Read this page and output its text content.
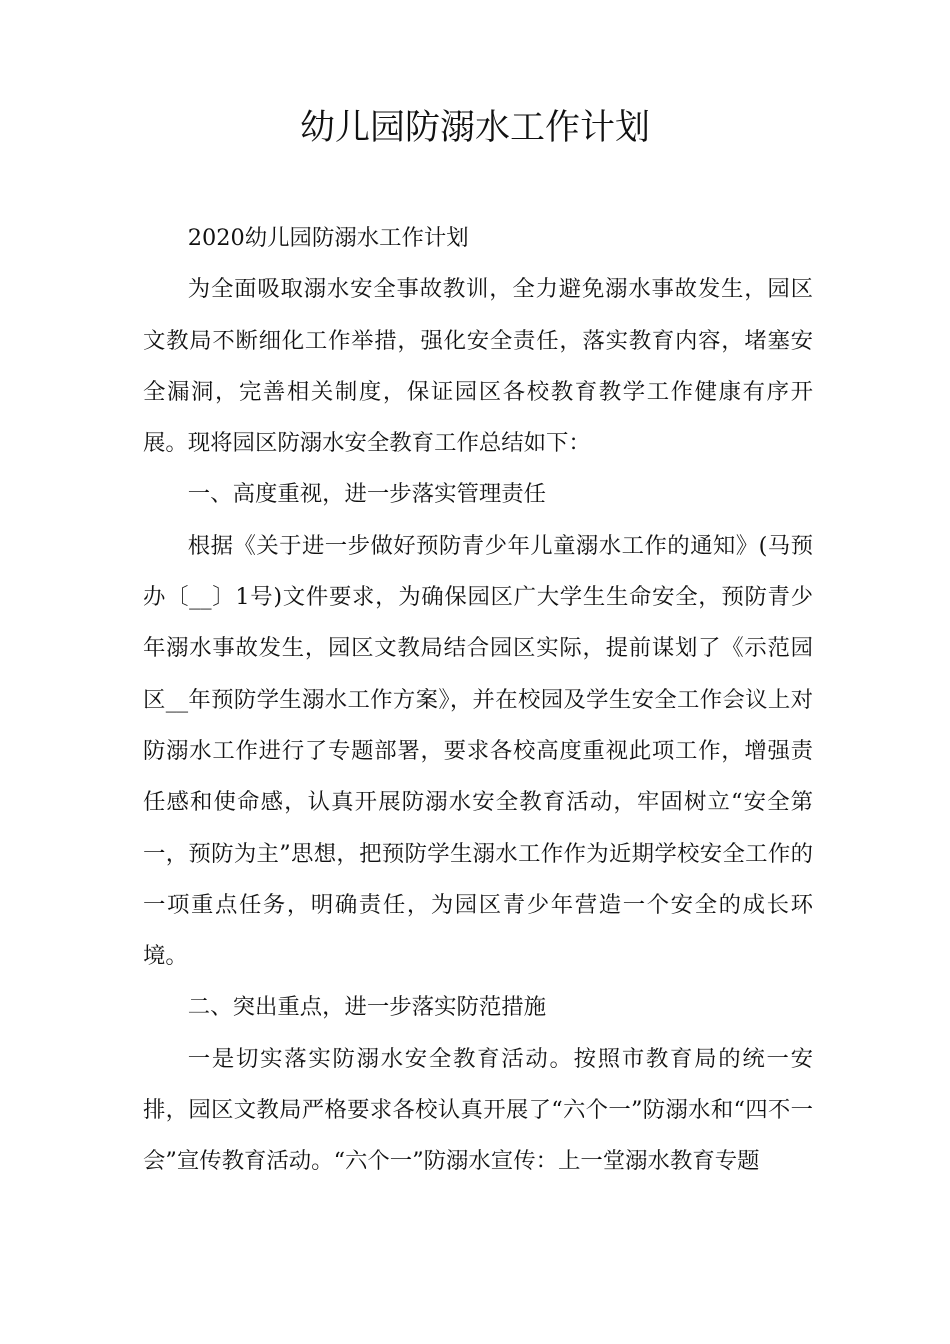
幼儿园防溺水工作计划

2020幼儿园防溺水工作计划

为全面吸取溺水安全事故教训，全力避免溺水事故发生，园区文教局不断细化工作举措，强化安全责任，落实教育内容，堵塞安全漏洞，完善相关制度，保证园区各校教育教学工作健康有序开展。现将园区防溺水安全教育工作总结如下：

一、高度重视，进一步落实管理责任

根据《关于进一步做好预防青少年儿童溺水工作的通知》(马预办〔__〕1号)文件要求，为确保园区广大学生生命安全，预防青少年溺水事故发生，园区文教局结合园区实际，提前谋划了《示范园区__年预防学生溺水工作方案》，并在校园及学生安全工作会议上对防溺水工作进行了专题部署，要求各校高度重视此项工作，增强责任感和使命感，认真开展防溺水安全教育活动，牢固树立“安全第一，预防为主”思想，把预防学生溺水工作作为近期学校安全工作的一项重点任务，明确责任，为园区青少年营造一个安全的成长环境。

二、突出重点，进一步落实防范措施

一是切实落实防溺水安全教育活动。按照市教育局的统一安排，园区文教局严格要求各校认真开展了“六个一”防溺水和“四不一会”宣传教育活动。“六个一”防溺水宣传：上一堂溺水教育专题
